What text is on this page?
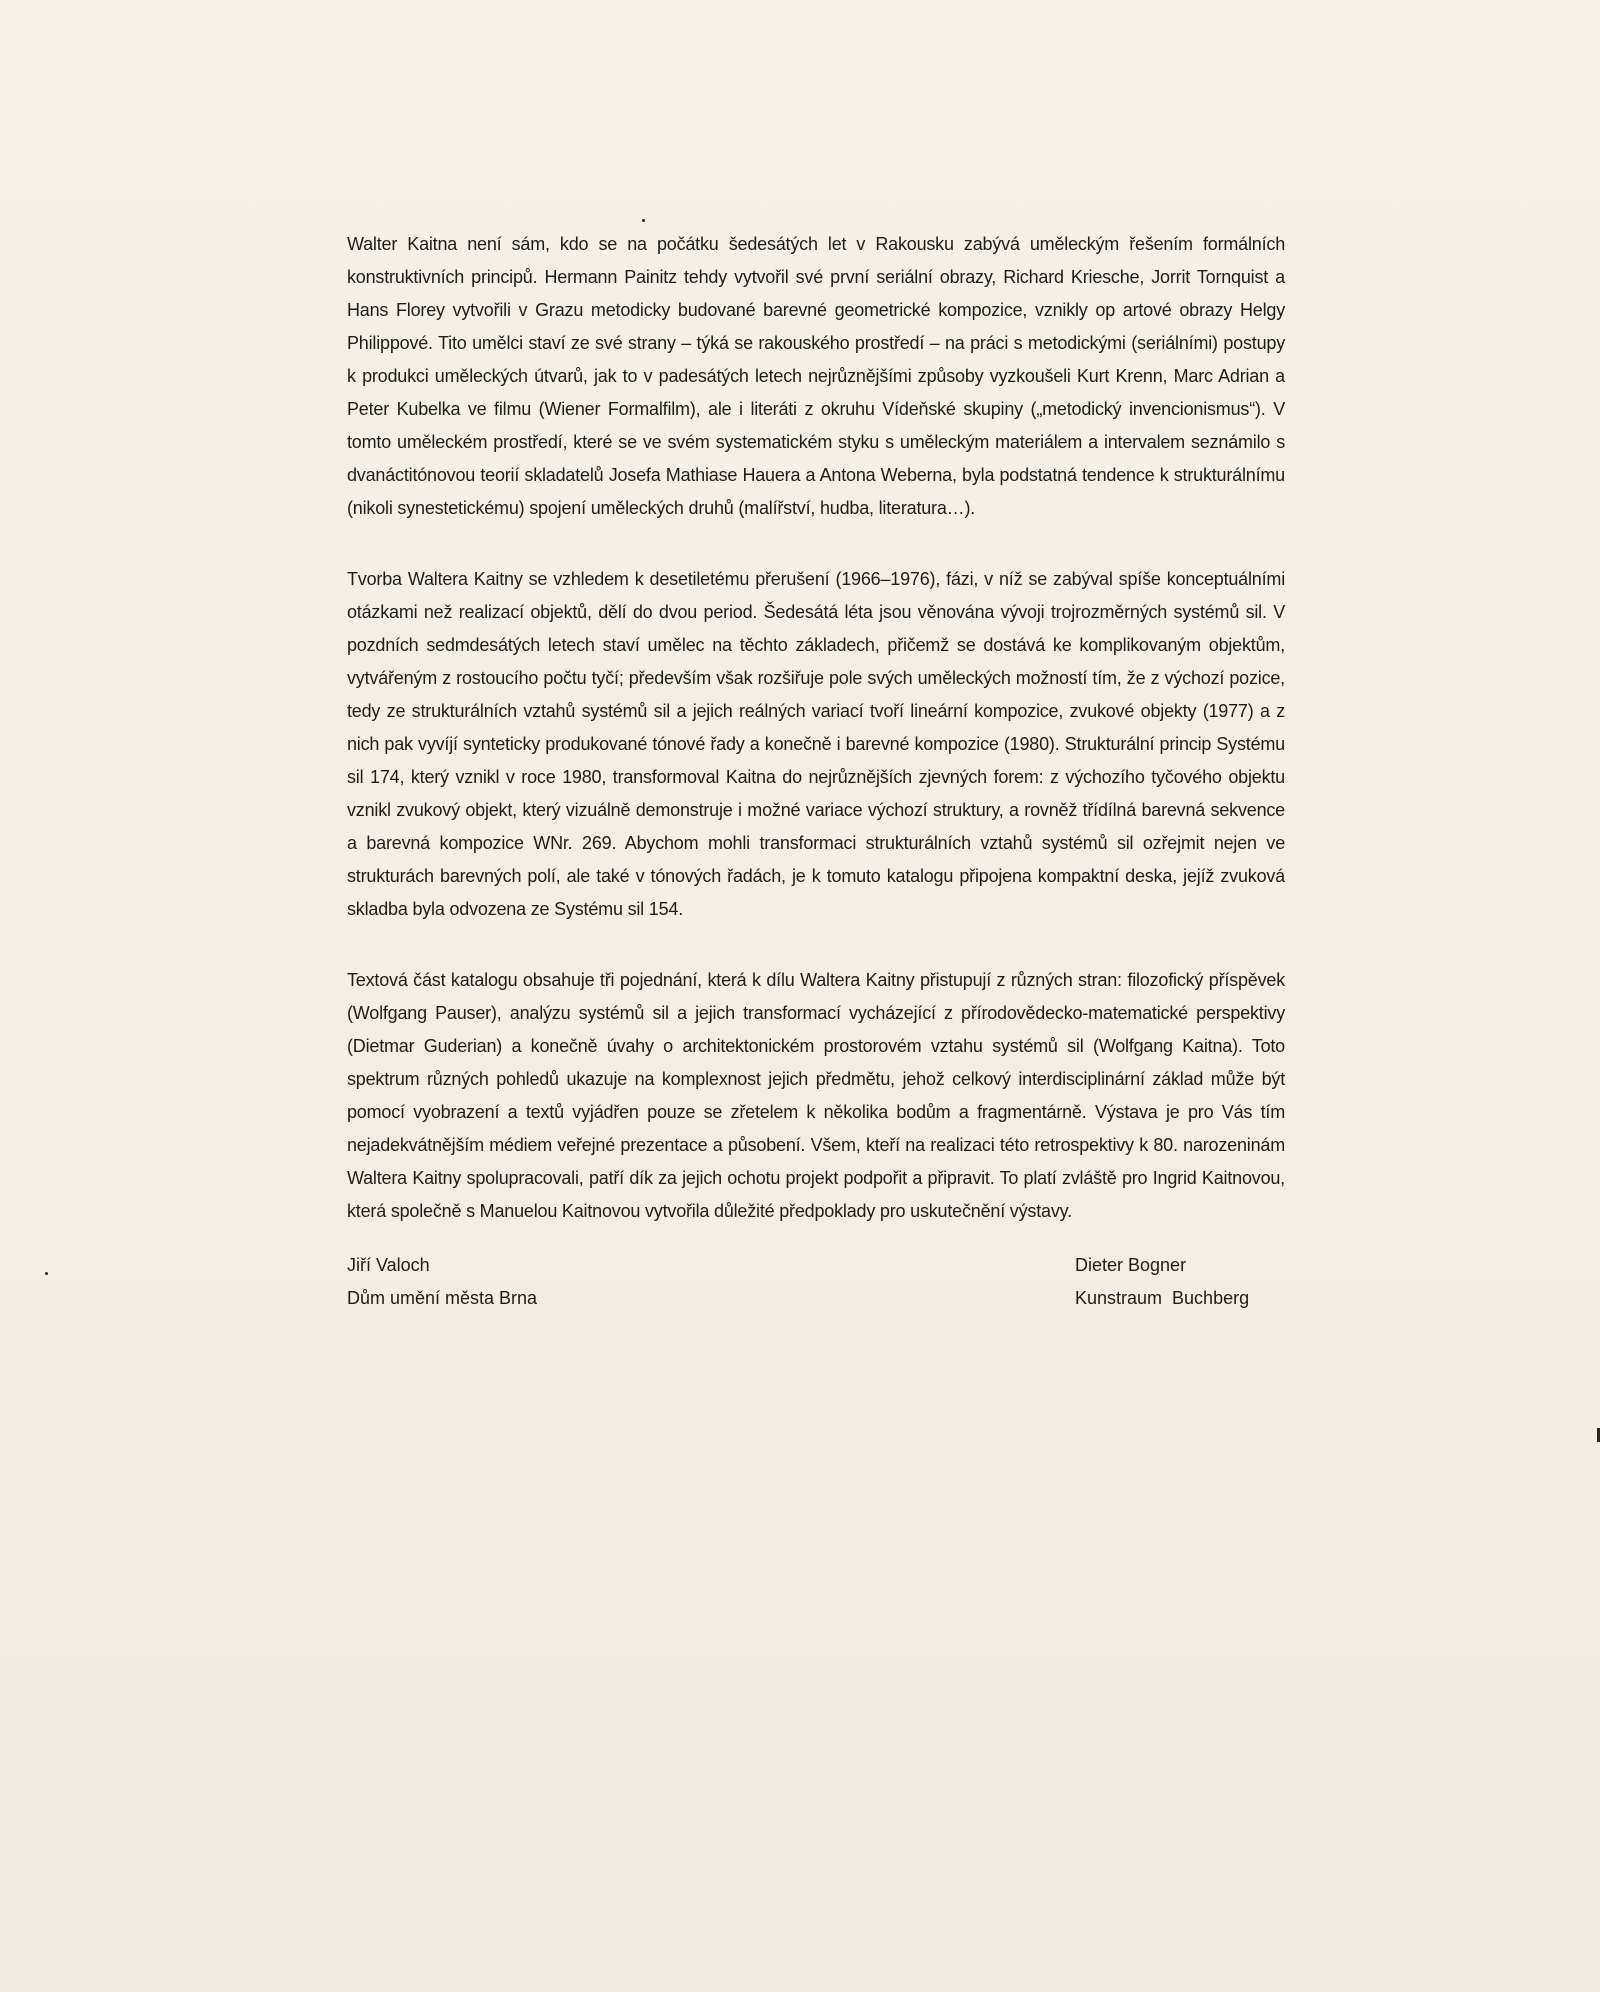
Walter Kaitna není sám, kdo se na počátku šedesátých let v Rakousku zabývá uměleckým řešením formálních konstruktivních principů. Hermann Painitz tehdy vytvořil své první seriální obrazy, Richard Kriesche, Jorrit Tornquist a Hans Florey vytvořili v Grazu metodicky budované barevné geometrické kompozice, vznikly op artové obrazy Helgy Philippové. Tito umělci staví ze své strany – týká se rakouského prostředí – na práci s metodickými (seriálními) postupy k produkci uměleckých útvarů, jak to v padesátých letech nejrůznějšími způsoby vyzkoušeli Kurt Krenn, Marc Adrian a Peter Kubelka ve filmu (Wiener Formalfilm), ale i literáti z okruhu Vídeňské skupiny („metodický invencionismus“). V tomto uměleckém prostředí, které se ve svém systematickém styku s uměleckým materiálem a intervalem seznámilo s dvanáctitónovou teorií skladatelů Josefa Mathiase Hauera a Antona Weberna, byla podstatná tendence k strukturálnímu (nikoli synestetickému) spojení uměleckých druhů (malířství, hudba, literatura…).

Tvorba Waltera Kaitny se vzhledem k desetiletému přerušení (1966–1976), fázi, v níž se zabýval spíše konceptuálními otázkami než realizací objektů, dělí do dvou period. Šedesátá léta jsou věnována vývoji trojrozměrných systémů sil. V pozdních sedmdesátých letech staví umělec na těchto základech, přičemž se dostává ke komplikovaným objektům, vytvářeným z rostoucího počtu tyčí; především však rozšiřuje pole svých uměleckých možností tím, že z výchozí pozice, tedy ze strukturálních vztahů systémů sil a jejich reálných variací tvoří lineární kompozice, zvukové objekty (1977) a z nich pak vyvíjí synteticky produkované tónové řady a konečně i barevné kompozice (1980). Strukturální princip Systému sil 174, který vznikl v roce 1980, transformoval Kaitna do nejrůznějších zjevných forem: z výchozího tyčového objektu vznikl zvukový objekt, který vizuálně demonstruje i možné variace výchozí struktury, a rovněž třídílná barevná sekvence a barevná kompozice WNr. 269. Abychom mohli transformaci strukturálních vztahů systémů sil ozřejmit nejen ve strukturách barevných polí, ale také v tónových řadách, je k tomuto katalogu připojena kompaktní deska, jejíž zvuková skladba byla odvozena ze Systému sil 154.

Textová část katalogu obsahuje tři pojednání, která k dílu Waltera Kaitny přistupují z různých stran: filozofický příspěvek (Wolfgang Pauser), analýzu systémů sil a jejich transformací vycházející z přírodovědecko-matematické perspektivy (Dietmar Guderian) a konečně úvahy o architektonickém prostorovém vztahu systémů sil (Wolfgang Kaitna). Toto spektrum různých pohledů ukazuje na komplexnost jejich předmětu, jehož celkový interdisciplinární základ může být pomocí vyobrazení a textů vyjádřen pouze se zřetelem k několika bodům a fragmentárně. Výstava je pro Vás tím nejadekvátnějším médiem veřejné prezentace a působení. Všem, kteří na realizaci této retrospektivy k 80. narozeninám Waltera Kaitny spolupracovali, patří dík za jejich ochotu projekt podpořit a připravit. To platí zvláště pro Ingrid Kaitnovou, která společně s Manuelou Kaitnovou vytvořila důležité předpoklady pro uskutečnění výstavy.

Jiří Valoch
Dům umění města Brna
Dieter Bogner
Kunstraum  Buchberg
